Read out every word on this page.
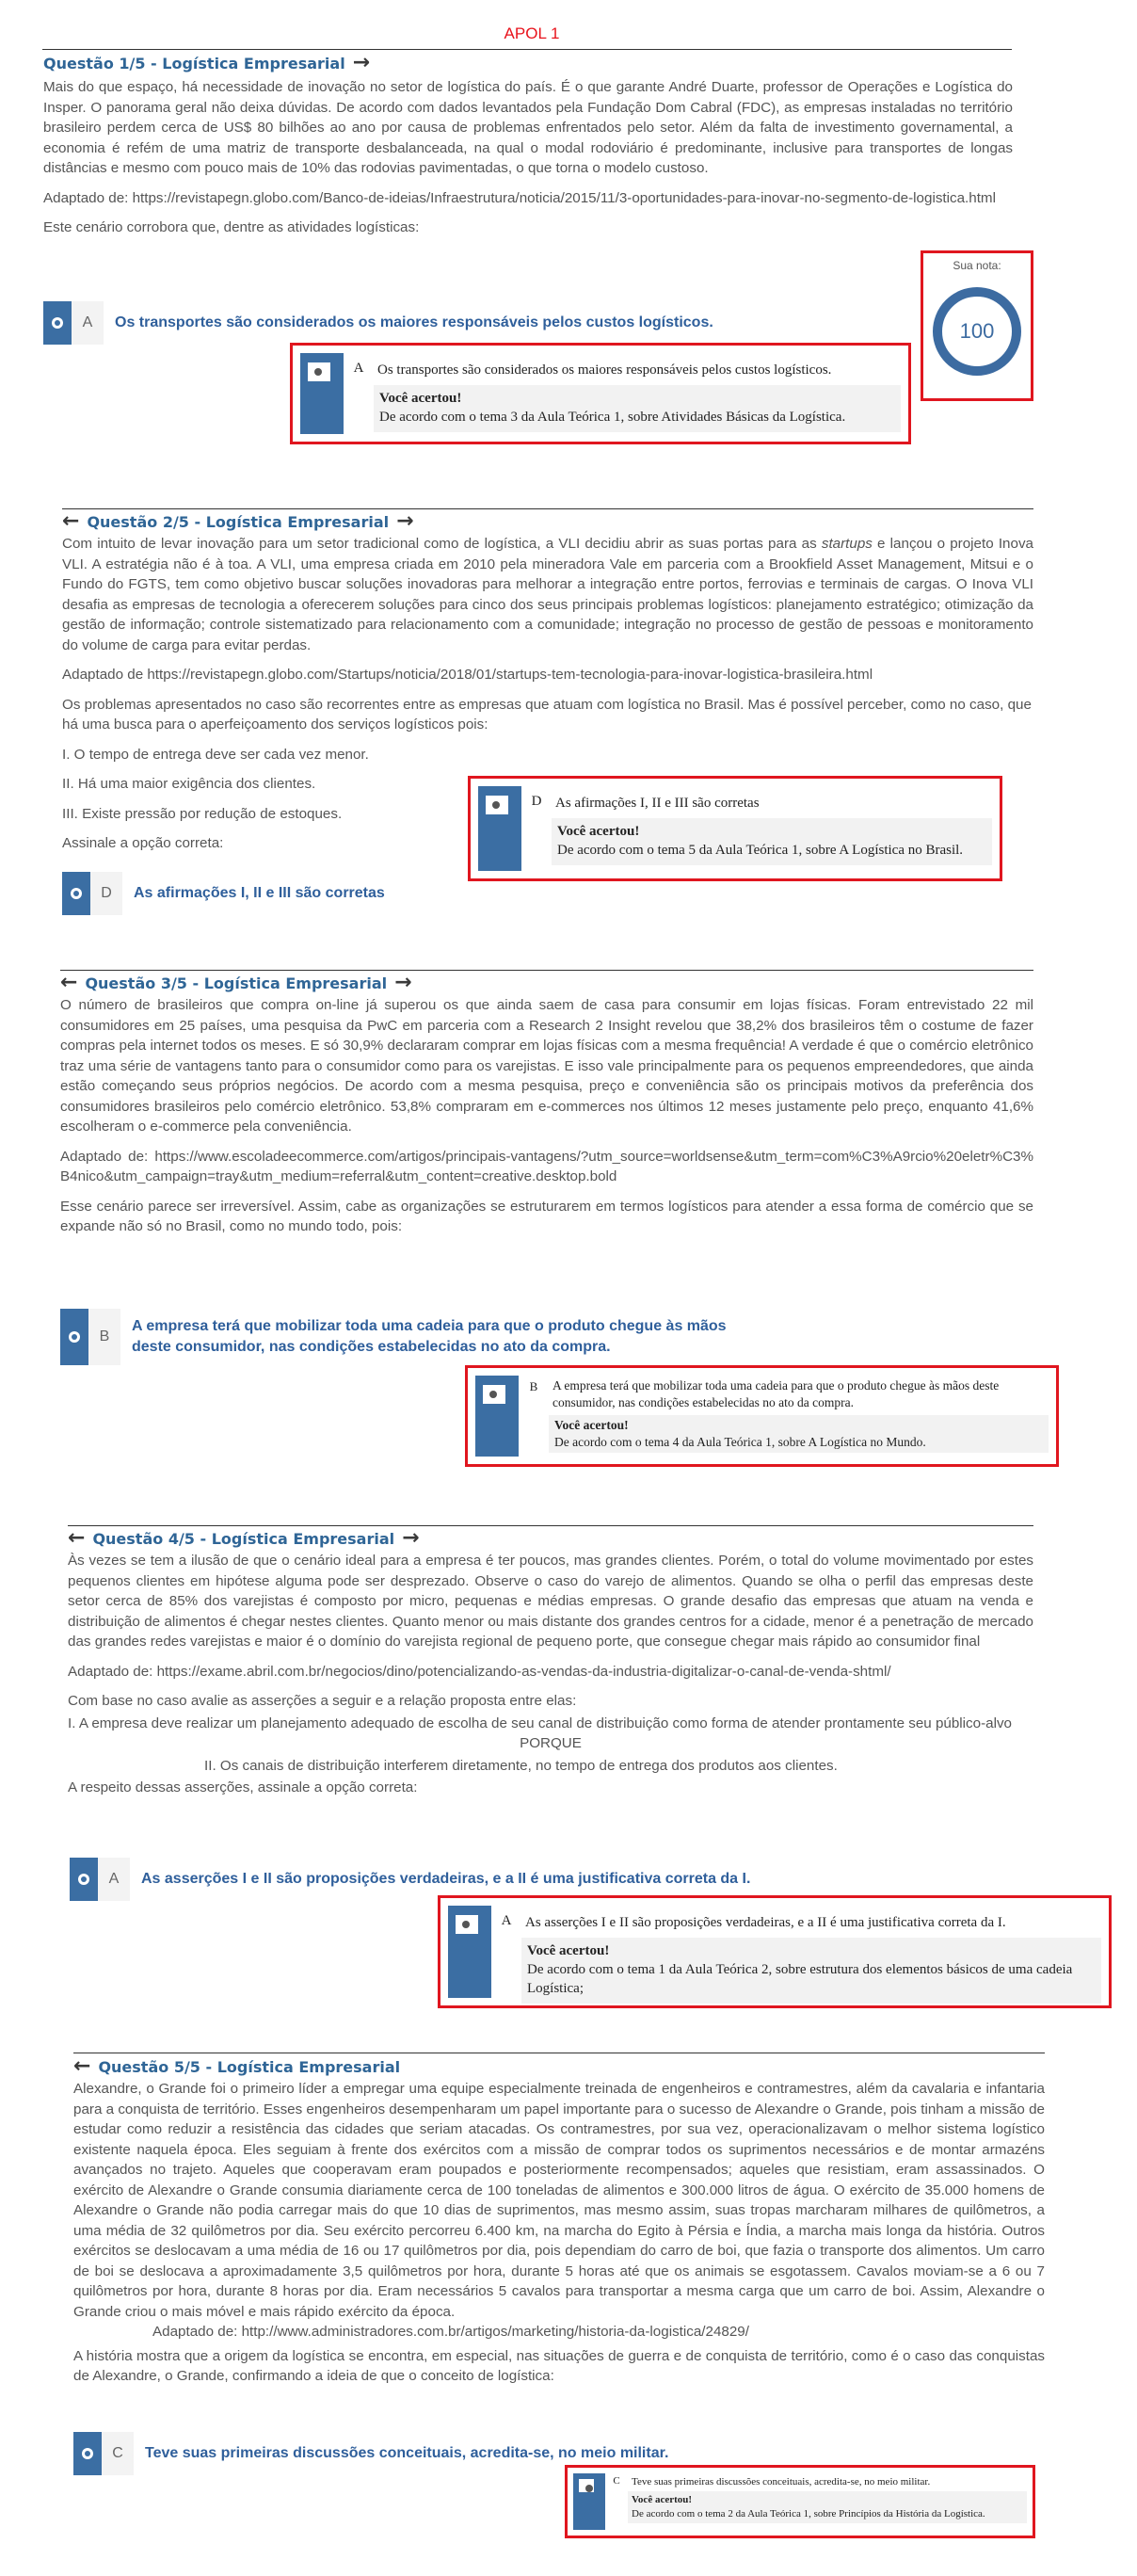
APOL 1
Questão 1/5 - Logística Empresarial →

Mais do que espaço, há necessidade de inovação no setor de logística do país. É o que garante André Duarte, professor de Operações e Logística do Insper. O panorama geral não deixa dúvidas. De acordo com dados levantados pela Fundação Dom Cabral (FDC), as empresas instaladas no território brasileiro perdem cerca de US$ 80 bilhões ao ano por causa de problemas enfrentados pelo setor. Além da falta de investimento governamental, a economia é refém de uma matriz de transporte desbalanceada, na qual o modal rodoviário é predominante, inclusive para transportes de longas distâncias e mesmo com pouco mais de 10% das rodovias pavimentadas, o que torna o modelo custoso.

Adaptado de: https://revistapegn.globo.com/Banco-de-ideias/Infraestrutura/noticia/2015/11/3-oportunidades-para-inovar-no-segmento-de-logistica.html

Este cenário corrobora que, dentre as atividades logísticas:

A	Os transportes são considerados os maiores responsáveis pelos custos logísticos.
A Os transportes são considerados os maiores responsáveis pelos custos logísticos.
Você acertou!
De acordo com o tema 3 da Aula Teórica 1, sobre Atividades Básicas da Logística.
Sua nota:
100
← Questão 2/5 - Logística Empresarial →

Com intuito de levar inovação para um setor tradicional como de logística, a VLI decidiu abrir as suas portas para as startups e lançou o projeto Inova VLI. A estratégia não é à toa. A VLI, uma empresa criada em 2010 pela mineradora Vale em parceria com a Brookfield Asset Management, Mitsui e o Fundo do FGTS, tem como objetivo buscar soluções inovadoras para melhorar a integração entre portos, ferrovias e terminais de cargas. O Inova VLI desafia as empresas de tecnologia a oferecerem soluções para cinco dos seus principais problemas logísticos: planejamento estratégico; otimização da gestão de informação; controle sistematizado para relacionamento com a comunidade; integração no processo de gestão de pessoas e monitoramento do volume de carga para evitar perdas.

Adaptado de https://revistapegn.globo.com/Startups/noticia/2018/01/startups-tem-tecnologia-para-inovar-logistica-brasileira.html

Os problemas apresentados no caso são recorrentes entre as empresas que atuam com logística no Brasil. Mas é possível perceber, como no caso, que há uma busca para o aperfeiçoamento dos serviços logísticos pois:

I. O tempo de entrega deve ser cada vez menor.

II. Há uma maior exigência dos clientes.

III. Existe pressão por redução de estoques.

Assinale a opção correta:

D	As afirmações I, II e III são corretas
D As afirmações I, II e III são corretas
Você acertou!
De acordo com o tema 5 da Aula Teórica 1, sobre A Logística no Brasil.
← Questão 3/5 - Logística Empresarial →

O número de brasileiros que compra on-line já superou os que ainda saem de casa para consumir em lojas físicas. Foram entrevistado 22 mil consumidores em 25 países, uma pesquisa da PwC em parceria com a Research 2 Insight revelou que 38,2% dos brasileiros têm o costume de fazer compras pela internet todos os meses. E só 30,9% declararam comprar em lojas físicas com a mesma frequência! A verdade é que o comércio eletrônico traz uma série de vantagens tanto para o consumidor como para os varejistas. E isso vale principalmente para os pequenos empreendedores, que ainda estão começando seus próprios negócios. De acordo com a mesma pesquisa, preço e conveniência são os principais motivos da preferência dos consumidores brasileiros pelo comércio eletrônico. 53,8% compraram em e-commerces nos últimos 12 meses justamente pelo preço, enquanto 41,6% escolheram o e-commerce pela conveniência.

Adaptado de: https://www.escoladeecommerce.com/artigos/principais-vantagens/?utm_source=worldsense&utm_term=com%C3%A9rcio%20eletr%C3%B4nico&utm_campaign=tray&utm_medium=referral&utm_content=creative.desktop.bold

Esse cenário parece ser irreversível. Assim, cabe as organizações se estruturarem em termos logísticos para atender a essa forma de comércio que se expande não só no Brasil, como no mundo todo, pois:

B
A empresa terá que mobilizar toda uma cadeia para que o produto chegue às mãos deste consumidor, nas condições estabelecidas no ato da compra.
B	A empresa terá que mobilizar toda uma cadeia para que o produto chegue às mãos deste consumidor, nas condições estabelecidas no ato da compra.
Você acertou!
De acordo com o tema 4 da Aula Teórica 1, sobre A Logística no Mundo.
← Questão 4/5 - Logística Empresarial →

Às vezes se tem a ilusão de que o cenário ideal para a empresa é ter poucos, mas grandes clientes. Porém, o total do volume movimentado por estes pequenos clientes em hipótese alguma pode ser desprezado. Observe o caso do varejo de alimentos. Quando se olha o perfil das empresas deste setor cerca de 85% dos varejistas é composto por micro, pequenas e médias empresas. O grande desafio das empresas que atuam na venda e distribuição de alimentos é chegar nestes clientes. Quanto menor ou mais distante dos grandes centros for a cidade, menor é a penetração de mercado das grandes redes varejistas e maior é o domínio do varejista regional de pequeno porte, que consegue chegar mais rápido ao consumidor final

Adaptado de: https://exame.abril.com.br/negocios/dino/potencializando-as-vendas-da-industria-digitalizar-o-canal-de-venda-shtml/

Com base no caso avalie as asserções a seguir e a relação proposta entre elas:

I. A empresa deve realizar um planejamento adequado de escolha de seu canal de distribuição como forma de atender prontamente seu público-alvo

PORQUE

II. Os canais de distribuição interferem diretamente, no tempo de entrega dos produtos aos clientes.

A respeito dessas asserções, assinale a opção correta:

A	As asserções I e II são proposições verdadeiras, e a II é uma justificativa correta da I.
A As asserções I e II são proposições verdadeiras, e a II é uma justificativa correta da I.
Você acertou!
De acordo com o tema 1 da Aula Teórica 2, sobre estrutura dos elementos básicos de uma cadeia Logística;
← Questão 5/5 - Logística Empresarial

Alexandre, o Grande foi o primeiro líder a empregar uma equipe especialmente treinada de engenheiros e contramestres, além da cavalaria e infantaria para a conquista de território. Esses engenheiros desempenharam um papel importante para o sucesso de Alexandre o Grande, pois tinham a missão de estudar como reduzir a resistência das cidades que seriam atacadas. Os contramestres, por sua vez, operacionalizavam o melhor sistema logístico existente naquela época. Eles seguiam à frente dos exércitos com a missão de comprar todos os suprimentos necessários e de montar armazéns avançados no trajeto. Aqueles que cooperavam eram poupados e posteriormente recompensados; aqueles que resistiam, eram assassinados. O exército de Alexandre o Grande consumia diariamente cerca de 100 toneladas de alimentos e 300.000 litros de água. O exército de 35.000 homens de Alexandre o Grande não podia carregar mais do que 10 dias de suprimentos, mas mesmo assim, suas tropas marcharam milhares de quilômetros, a uma média de 32 quilômetros por dia. Seu exército percorreu 6.400 km, na marcha do Egito à Pérsia e Índia, a marcha mais longa da história. Outros exércitos se deslocavam a uma média de 16 ou 17 quilômetros por dia, pois dependiam do carro de boi, que fazia o transporte dos alimentos. Um carro de boi se deslocava a aproximadamente 3,5 quilômetros por hora, durante 5 horas até que os animais se esgotassem. Cavalos moviam-se a 6 ou 7 quilômetros por hora, durante 8 horas por dia. Eram necessários 5 cavalos para transportar a mesma carga que um carro de boi. Assim, Alexandre o Grande criou o mais móvel e mais rápido exército da época.

Adaptado de: http://www.administradores.com.br/artigos/marketing/historia-da-logistica/24829/

A história mostra que a origem da logística se encontra, em especial, nas situações de guerra e de conquista de território, como é o caso das conquistas de Alexandre, o Grande, confirmando a ideia de que o conceito de logística:

C	Teve suas primeiras discussões conceituais, acredita-se, no meio militar.
C	Teve suas primeiras discussões conceituais, acredita-se, no meio militar.
Você acertou!
De acordo com o tema 2 da Aula Teórica 1, sobre Princípios da História da Logística.
